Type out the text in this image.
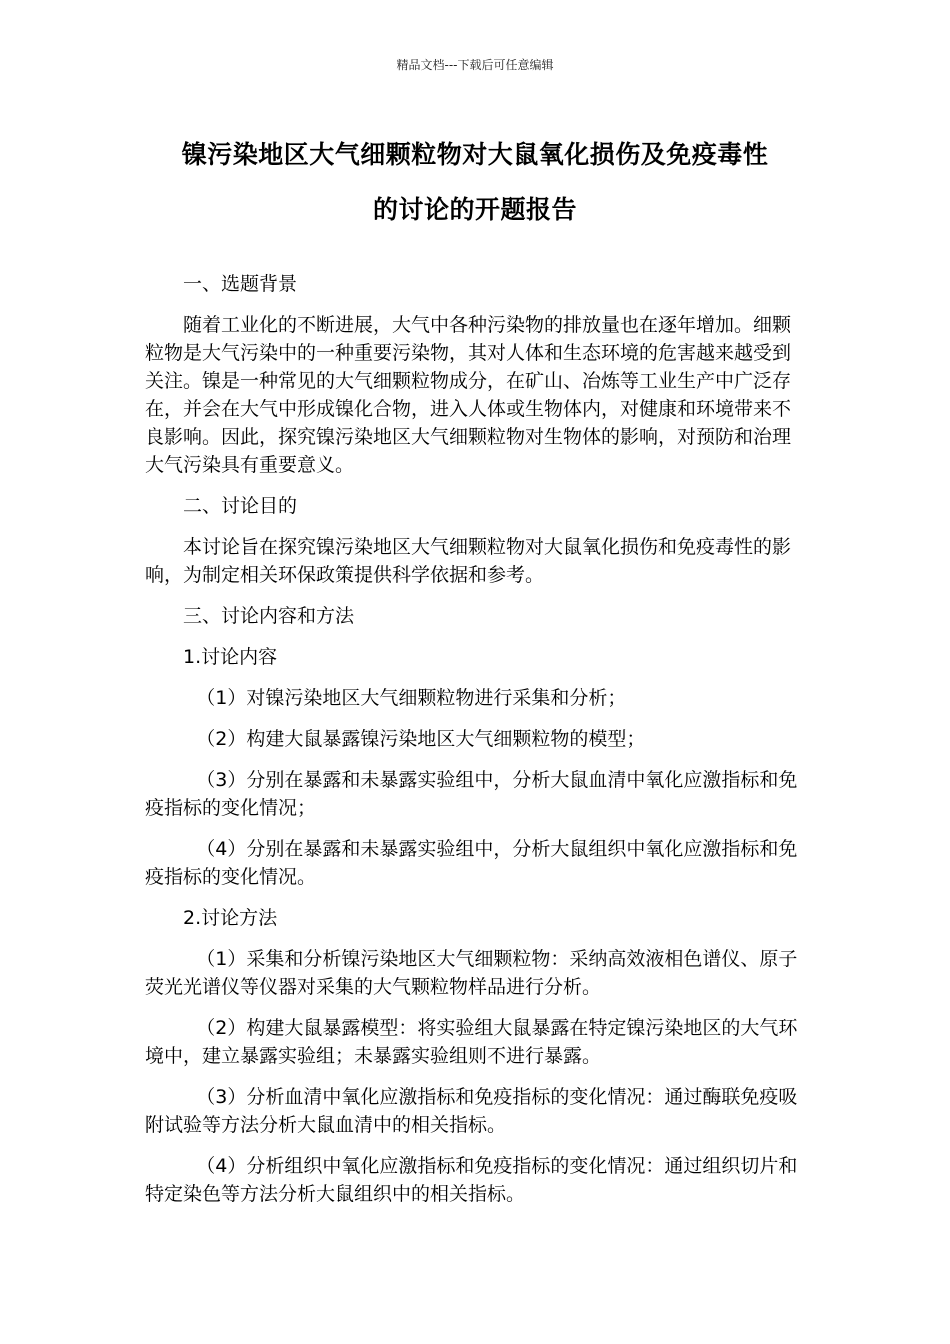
精品文档---下载后可任意编辑
镍污染地区大气细颗粒物对大鼠氧化损伤及免疫毒性
的讨论的开题报告

一、选题背景

随着工业化的不断进展，大气中各种污染物的排放量也在逐年增加。细颗粒物是大气污染中的一种重要污染物，其对人体和生态环境的危害越来越受到关注。镍是一种常见的大气细颗粒物成分，在矿山、冶炼等工业生产中广泛存在，并会在大气中形成镍化合物，进入人体或生物体内，对健康和环境带来不良影响。因此，探究镍污染地区大气细颗粒物对生物体的影响，对预防和治理大气污染具有重要意义。

二、讨论目的

本讨论旨在探究镍污染地区大气细颗粒物对大鼠氧化损伤和免疫毒性的影响，为制定相关环保政策提供科学依据和参考。

三、讨论内容和方法

1.讨论内容

（1）对镍污染地区大气细颗粒物进行采集和分析；

（2）构建大鼠暴露镍污染地区大气细颗粒物的模型；

（3）分别在暴露和未暴露实验组中，分析大鼠血清中氧化应激指标和免疫指标的变化情况；

（4）分别在暴露和未暴露实验组中，分析大鼠组织中氧化应激指标和免疫指标的变化情况。

2.讨论方法

（1）采集和分析镍污染地区大气细颗粒物：采纳高效液相色谱仪、原子荧光光谱仪等仪器对采集的大气颗粒物样品进行分析。

（2）构建大鼠暴露模型：将实验组大鼠暴露在特定镍污染地区的大气环境中，建立暴露实验组；未暴露实验组则不进行暴露。

（3）分析血清中氧化应激指标和免疫指标的变化情况：通过酶联免疫吸附试验等方法分析大鼠血清中的相关指标。

（4）分析组织中氧化应激指标和免疫指标的变化情况：通过组织切片和特定染色等方法分析大鼠组织中的相关指标。
